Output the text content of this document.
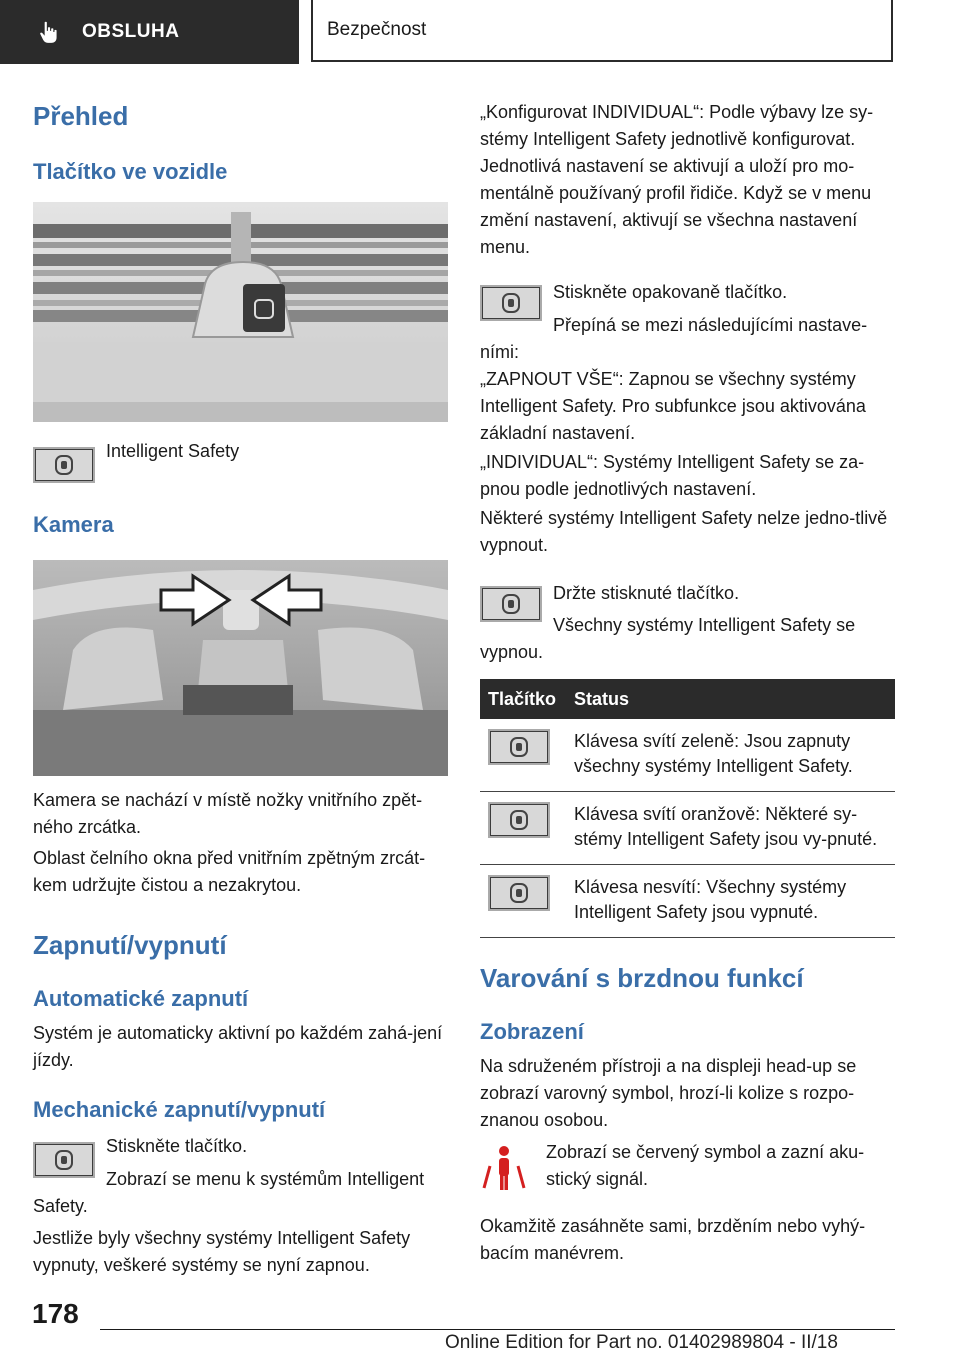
OBSLUHA	Bezpečnost
Přehled
Tlačítko ve vozidle
Intelligent Safety
Kamera
Kamera se nachází v místě nožky vnitřního zpět‐ného zrcátka.
Oblast čelního okna před vnitřním zpětným zrcát‐kem udržujte čistou a nezakrytou.
Zapnutí/vypnutí
Automatické zapnutí
Systém je automaticky aktivní po každém zahá‐jení jízdy.
Mechanické zapnutí/vypnutí
Stiskněte tlačítko.
Zobrazí se menu k systémům Intelligent Safety.
Jestliže byly všechny systémy Intelligent Safety vypnuty, veškeré systémy se nyní zapnou.
„Konfigurovat INDIVIDUAL“: Podle výbavy lze sy‐stémy Intelligent Safety jednotlivě konfigurovat. Jednotlivá nastavení se aktivují a uloží pro mo‐mentálně používaný profil řidiče. Když se v menu změní nastavení, aktivují se všechna nastavení menu.
Stiskněte opakovaně tlačítko.
Přepíná se mezi následujícími nastave‐ními:
„ZAPNOUT VŠE“: Zapnou se všechny systémy Intelligent Safety. Pro subfunkce jsou aktivována základní nastavení.
„INDIVIDUAL“: Systémy Intelligent Safety se za‐pnou podle jednotlivých nastavení.
Některé systémy Intelligent Safety nelze jedno‐tlivě vypnout.
Držte stisknuté tlačítko.
Všechny systémy Intelligent Safety se vypnou.
Tlačítko	Status

	Klávesa svítí zeleně: Jsou zapnuty všechny systémy Intelligent Safety.

	Klávesa svítí oranžově: Některé sy‐stémy Intelligent Safety jsou vy‐pnuté.

	Klávesa nesvítí: Všechny systémy Intelligent Safety jsou vypnuté.
Varování s brzdnou funkcí
Zobrazení
Na sdruženém přístroji a na displeji head-up se zobrazí varovný symbol, hrozí-li kolize s rozpo‐znanou osobou.
Zobrazí se červený symbol a zazní aku‐stický signál.
Okamžitě zasáhněte sami, brzděním nebo vyhý‐bacím manévrem.
178
Online Edition for Part no. 01402989804 - II/18
